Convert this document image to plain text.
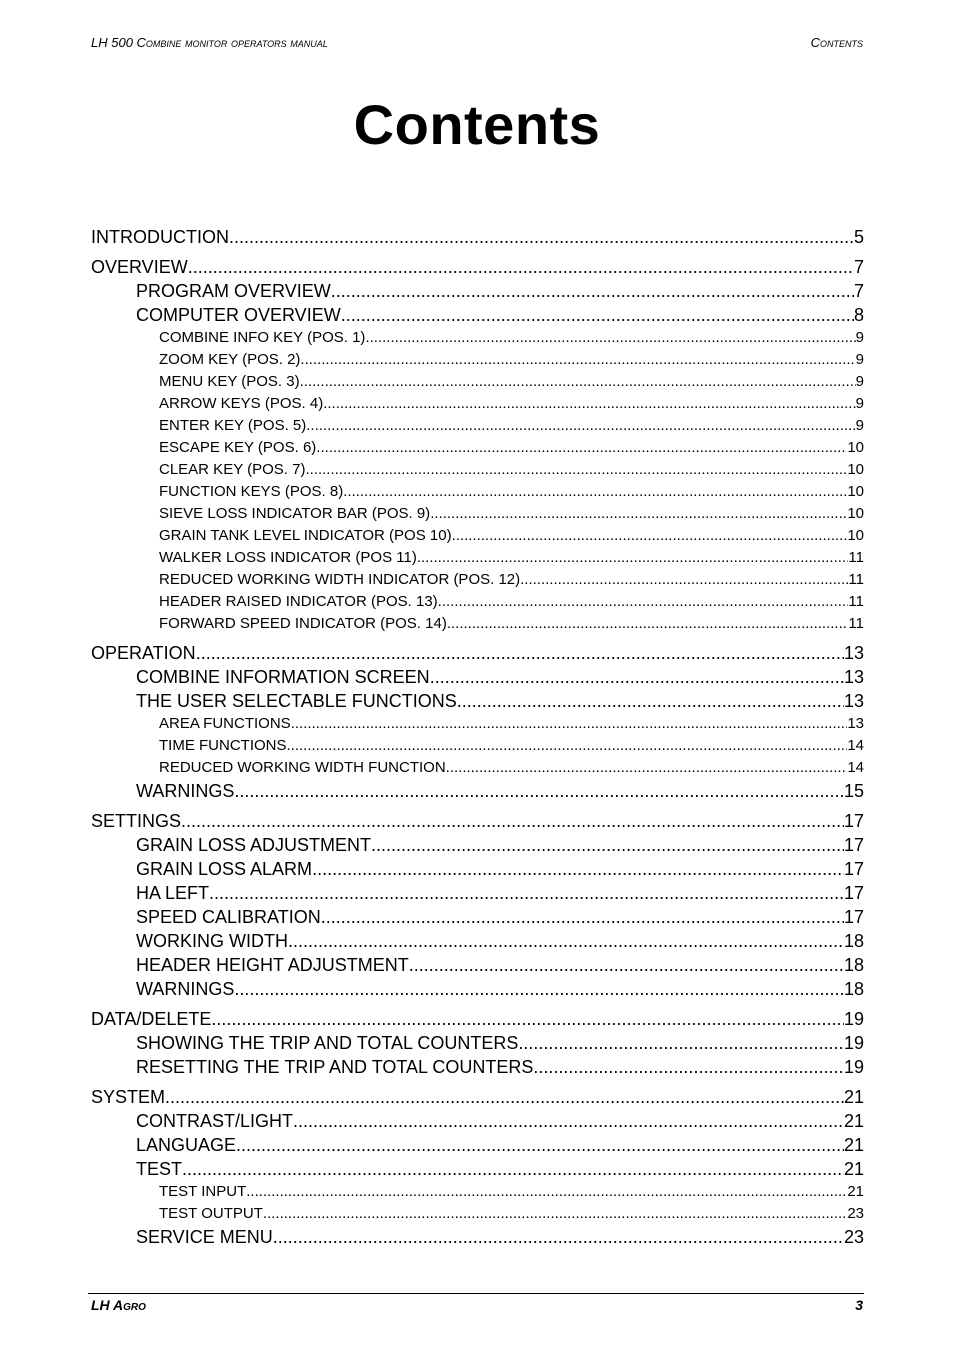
LH 500 Combine monitor operators manual	Contents
Contents
INTRODUCTION .....	5
OVERVIEW .....	7
PROGRAM OVERVIEW .....	7
COMPUTER OVERVIEW .....	8
COMBINE INFO KEY (POS. 1) .....	9
ZOOM KEY (POS. 2) .....	9
MENU KEY (POS. 3) .....	9
ARROW KEYS (POS. 4) .....	9
ENTER KEY (POS. 5) .....	9
ESCAPE KEY (POS. 6) .....	10
CLEAR KEY (POS. 7) .....	10
FUNCTION KEYS (POS. 8) .....	10
SIEVE LOSS INDICATOR BAR (POS. 9) .....	10
GRAIN TANK LEVEL INDICATOR (POS 10) .....	10
WALKER LOSS INDICATOR (POS 11) .....	11
REDUCED WORKING WIDTH INDICATOR (POS. 12) .....	11
HEADER RAISED INDICATOR (POS. 13) .....	11
FORWARD SPEED INDICATOR (POS. 14) .....	11
OPERATION .....	13
COMBINE INFORMATION SCREEN .....	13
THE USER SELECTABLE FUNCTIONS .....	13
AREA FUNCTIONS .....	13
TIME FUNCTIONS .....	14
REDUCED WORKING WIDTH FUNCTION .....	14
WARNINGS .....	15
SETTINGS .....	17
GRAIN LOSS ADJUSTMENT .....	17
GRAIN LOSS ALARM .....	17
HA LEFT .....	17
SPEED CALIBRATION .....	17
WORKING WIDTH .....	18
HEADER HEIGHT ADJUSTMENT .....	18
WARNINGS .....	18
DATA/DELETE .....	19
SHOWING THE TRIP AND TOTAL COUNTERS .....	19
RESETTING THE TRIP AND TOTAL COUNTERS .....	19
SYSTEM .....	21
CONTRAST/LIGHT .....	21
LANGUAGE .....	21
TEST .....	21
TEST INPUT .....	21
TEST OUTPUT .....	23
SERVICE MENU .....	23
LH Agro	3
